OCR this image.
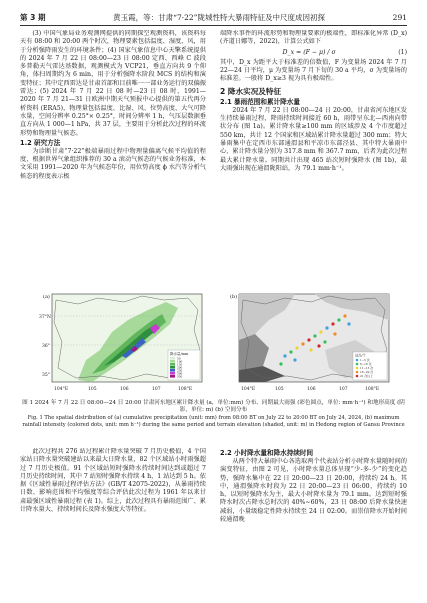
第 3 期	黄玉霞，等：甘肃“7·22”陇城性特大暴雨特征及中尺度成因初探	291

(3) 中国气象局业务观测网提供的同期探空观测资料，该资料每天有 08:00 和 20:00 两个时次，物理要素包括温度、湿度、风，用于分析强降雨发生的环境条件；(4) 国家气象信息中心天擎系统提供的 2024 年 7 月 22 日 08:00—23 日 08:00 定西、西峰 C 波段多普勒天气雷达基数据，观测模式为 VCP21，垂直方向共 9 个仰角，体扫周期约为 6 min，用于分析强降水阶段 MCS 的结构和演变特征；其中定西雷达是甘肃首部和目前唯一一部业务运行的双偏振雷达；(5) 2024 年 7 月 22 日 08 时—23 日 08 时、1991—2020 年 7 月 21—31 日欧洲中期天气预报中心提供的第五代再分析资料 (ERA5)，物理量包括温度、比湿、风、位势高度、大气可降水量，空间分辨率 0.25°× 0.25°，时间分辨率 1 h，气压层数据垂直方向从 1 000—1 hPa，共 37 层，主要用于分析此次过程的环流形势和物理量气候态。

1.2 研究方法

为诊断甘肃“7·22”极端暴雨过程中物理量偏离气候平均值的程度，根据世界气象组织推荐的 30 a 滚动气候态的气候业务标准，本文采用 1991—2020 年为气候态年份，用位势高度 ϕ 水汽等分析气候态的程度表示极

端降水事件的环流形势和物理量要素的极端性，即标准化异常 (D_x) (齐道日娜等，2022)，计算公式如下

D_x = (F − μ) / σ	(1)

其中，D_x 为距平大于标准差的倍数值，F 为变量场 2024 年 7 月 22—24 日平均，μ 为变量场 7 月下旬的 30 a 平均，σ 为变量场的标准差。一般将 D_x≥3 视为具有极端性。

2 降水实况及特征
2.1 暴雨范围和累计降水量

2024 年 7 月 22 日 08:00—24 日 20:00，甘肃省河东地区发生持续暴雨过程，降雨持续时间接近 60 h，雨带呈东北—西南向带状分布 (图 1a)。累计降水量≥100 mm 的区域涉及 4 个市度超过 550 km，共计 12 个国家和区域站累计降水量超过 300 mm；特大暴雨集中在定西市东部通渭县和平凉市东部泾县、其中特大暴雨中心、累计降水量分别为 317.8 mm 和 367.7 mm，后者为此次过程最大累计降水量。同期共计出现 465 站次短时强降水 (图 1b)，最大雨强出现在通渭陇阳站，为 79.1 mm·h⁻¹。

(a)
37°N
36°
35°
104°E	105	106	107	108°E
降水量/mm
50
100
150
200
250
300
350
(b)
104°E	105	106	107	108°E
站点/个
1~5 次
6~10 次
11~15 次
16~20 次
21 次以上
图 1 2024 年 7 月 22 日 08:00—24 日 20:00 甘肃河东地区累计降水量 (a，单位:mm) 分布、同期最大雨强 (彩色圆点，单位: mm·h⁻¹) 和地形高度 (阴影，单位: m) (b) 空间分布
Fig. 1 The spatial distribution of (a) cumulative precipitation (unit: mm) from 08:00 BT on July 22 to 20:00 BT on July 24, 2024, (b) maximum rainfall intensity (colored dots, unit: mm h⁻¹) during the same period and terrain elevation (shaded, unit: m) in Hedong region of Gansu Province

此次过程共 276 站过程累计降水量突破 7 月历史极值，4 个国家站日降水量突破建站以来最大日降水量，82 个区域站小时雨强超过 7 月历史极值。91 个区域站短时强降水持续时间达到或超过 7 月历史持续时间，其中 7 站短时强降水持续 4 h，1 站达到 5 h。依据《区域性暴雨过程评估方法》(GB/T 42075-2022)，从暴雨持续日数、影响范围和平均强度等综合评估此次过程为 1961 年以来甘肃最强区域性暴雨过程 (表 1)。综上，此次过程具有暴雨范围广、累计降水量大、持续时间长及降水强度大等特征。

2.2 小时降水量和降水持续时间

从两个特大暴雨中心各选取两个代表站分析小时降水量随时间的演变特征，由图 2 可见，小时降水量总体呈现“少-多-少”的变化趋势，强降水集中在 22 日 20:00—23 日 20:00，持续约 24 h。其中，通渭强降水时段为 22 日 20:00—23 日 06:00，持续约 10 h，以短时强降水为主，最大小时降水量为 79.1 mm。达到短时强降水时次占降水总时次的 40%~60%，23 日 08:00 后降水量快速减弱，小量级稳定性降水持续至 24 日 02:00。而崇信降水开始时间较通渭晚
